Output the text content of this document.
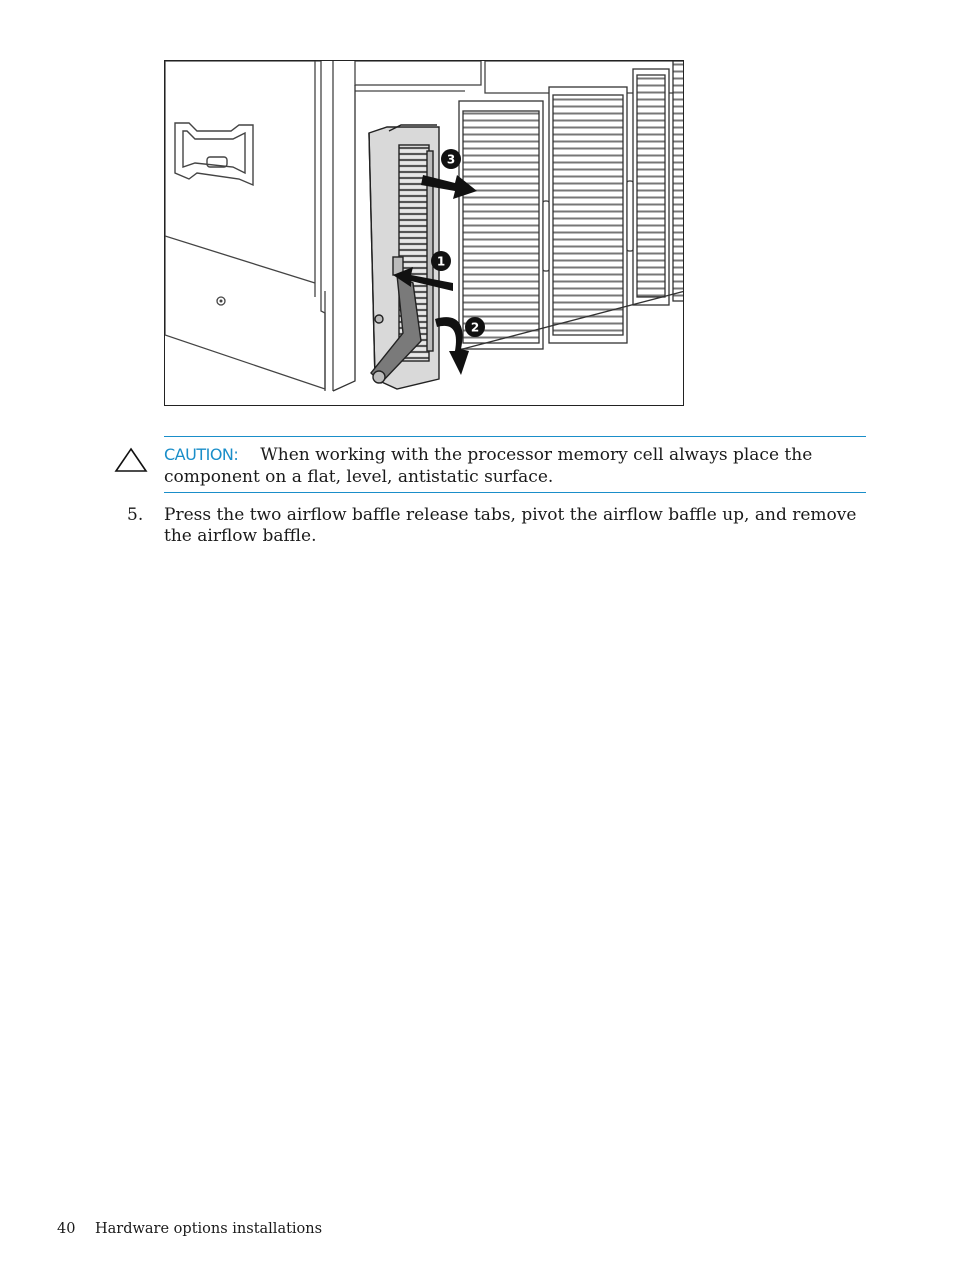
3
1
2
CAUTION: When working with the processor memory cell always place the component on a flat, level, antistatic surface.
5. Press the two airflow baffle release tabs, pivot the airflow baffle up, and remove the airflow baffle.
40 Hardware options installations
